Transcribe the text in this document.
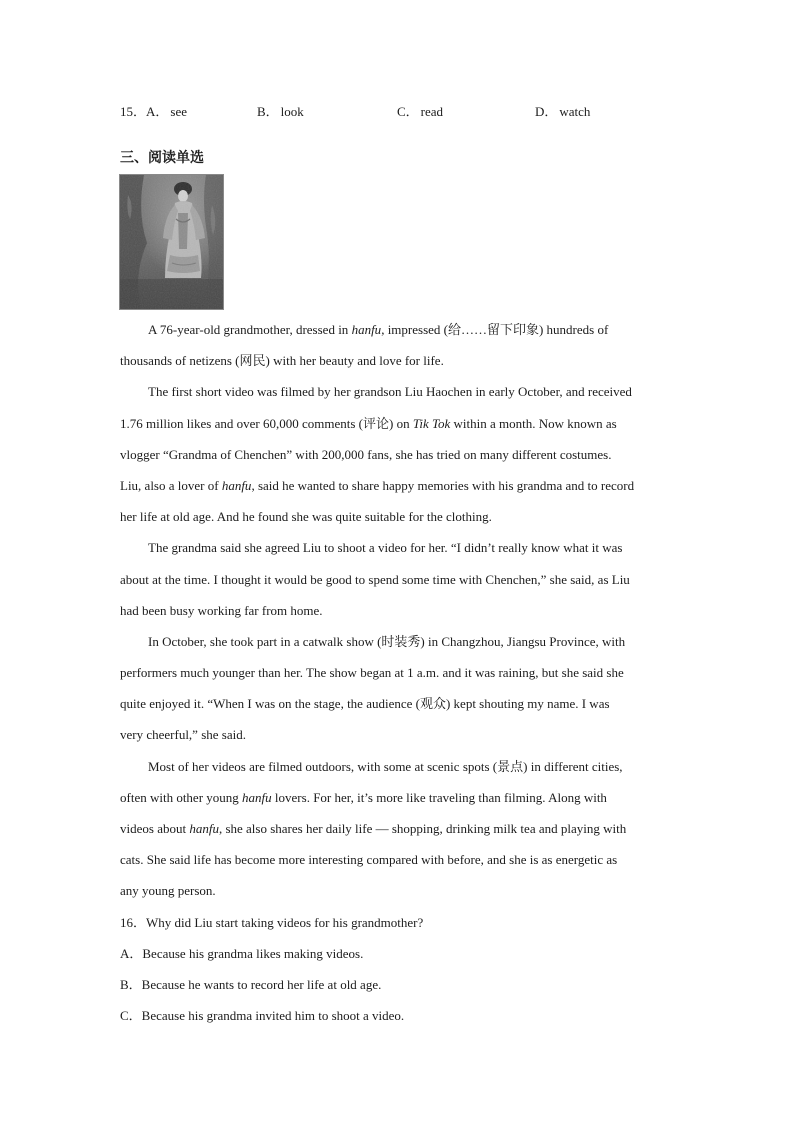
15． A． see	B． look	C． read	D． watch
三、阅读单选
A 76-year-old grandmother, dressed in hanfu, impressed (给……留下印象) hundreds of
thousands of netizens (网民) with her beauty and love for life.
The first short video was filmed by her grandson Liu Haochen in early October, and received
1.76 million likes and over 60,000 comments (评论) on Tik Tok within a month. Now known as
vlogger “Grandma of Chenchen” with 200,000 fans, she has tried on many different costumes.
Liu, also a lover of hanfu, said he wanted to share happy memories with his grandma and to record
her life at old age. And he found she was quite suitable for the clothing.
The grandma said she agreed Liu to shoot a video for her. “I didn’t really know what it was
about at the time. I thought it would be good to spend some time with Chenchen,” she said, as Liu
had been busy working far from home.
In October, she took part in a catwalk show (时装秀) in Changzhou, Jiangsu Province, with
performers much younger than her. The show began at 1 a.m. and it was raining, but she said she
quite enjoyed it. “When I was on the stage, the audience (观众) kept shouting my name. I was
very cheerful,” she said.
Most of her videos are filmed outdoors, with some at scenic spots (景点) in different cities,
often with other young hanfu lovers. For her, it’s more like traveling than filming. Along with
videos about hanfu, she also shares her daily life — shopping, drinking milk tea and playing with
cats. She said life has become more interesting compared with before, and she is as energetic as
any young person.
16．Why did Liu start taking videos for his grandmother?
A．Because his grandma likes making videos.
B．Because he wants to record her life at old age.
C．Because his grandma invited him to shoot a video.
